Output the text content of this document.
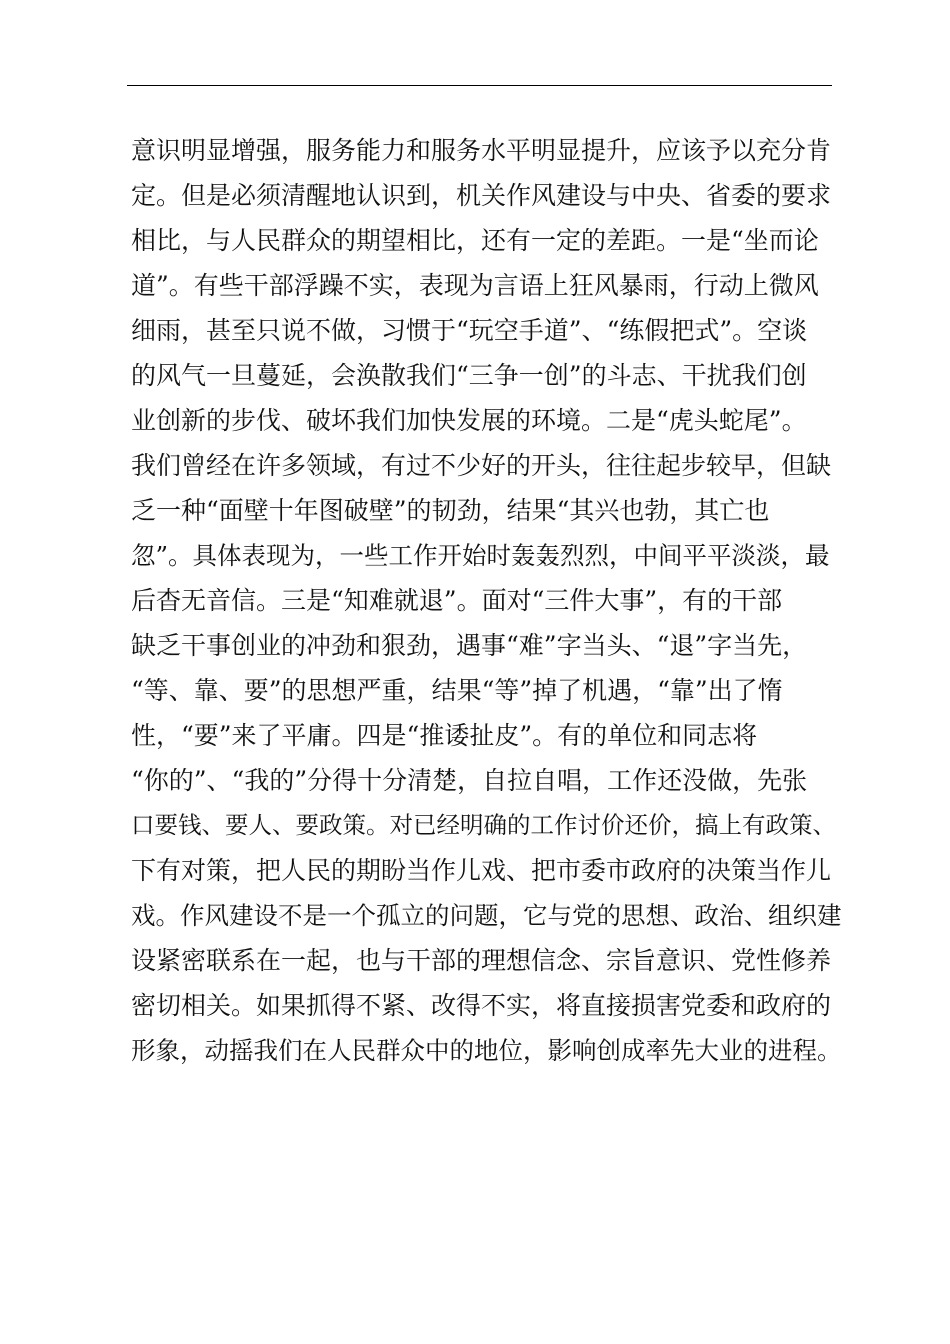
意识明显增强，服务能力和服务水平明显提升，应该予以充分肯
定。但是必须清醒地认识到，机关作风建设与中央、省委的要求
相比，与人民群众的期望相比，还有一定的差距。一是“坐而论
道”。有些干部浮躁不实，表现为言语上狂风暴雨，行动上微风
细雨，甚至只说不做，习惯于“玩空手道”、“练假把式”。空谈
的风气一旦蔓延，会涣散我们“三争一创”的斗志、干扰我们创
业创新的步伐、破坏我们加快发展的环境。二是“虎头蛇尾”。
我们曾经在许多领域，有过不少好的开头，往往起步较早，但缺
乏一种“面壁十年图破壁”的韧劲，结果“其兴也勃，其亡也
忽”。具体表现为，一些工作开始时轰轰烈烈，中间平平淡淡，最
后杳无音信。三是“知难就退”。面对“三件大事”，有的干部
缺乏干事创业的冲劲和狠劲，遇事“难”字当头、“退”字当先，
“等、靠、要”的思想严重，结果“等”掉了机遇，“靠”出了惰
性，“要”来了平庸。四是“推诿扯皮”。有的单位和同志将
“你的”、“我的”分得十分清楚，自拉自唱，工作还没做，先张
口要钱、要人、要政策。对已经明确的工作讨价还价，搞上有政策、
下有对策，把人民的期盼当作儿戏、把市委市政府的决策当作儿
戏。作风建设不是一个孤立的问题，它与党的思想、政治、组织建
设紧密联系在一起，也与干部的理想信念、宗旨意识、党性修养
密切相关。如果抓得不紧、改得不实，将直接损害党委和政府的
形象，动摇我们在人民群众中的地位，影响创成率先大业的进程。
